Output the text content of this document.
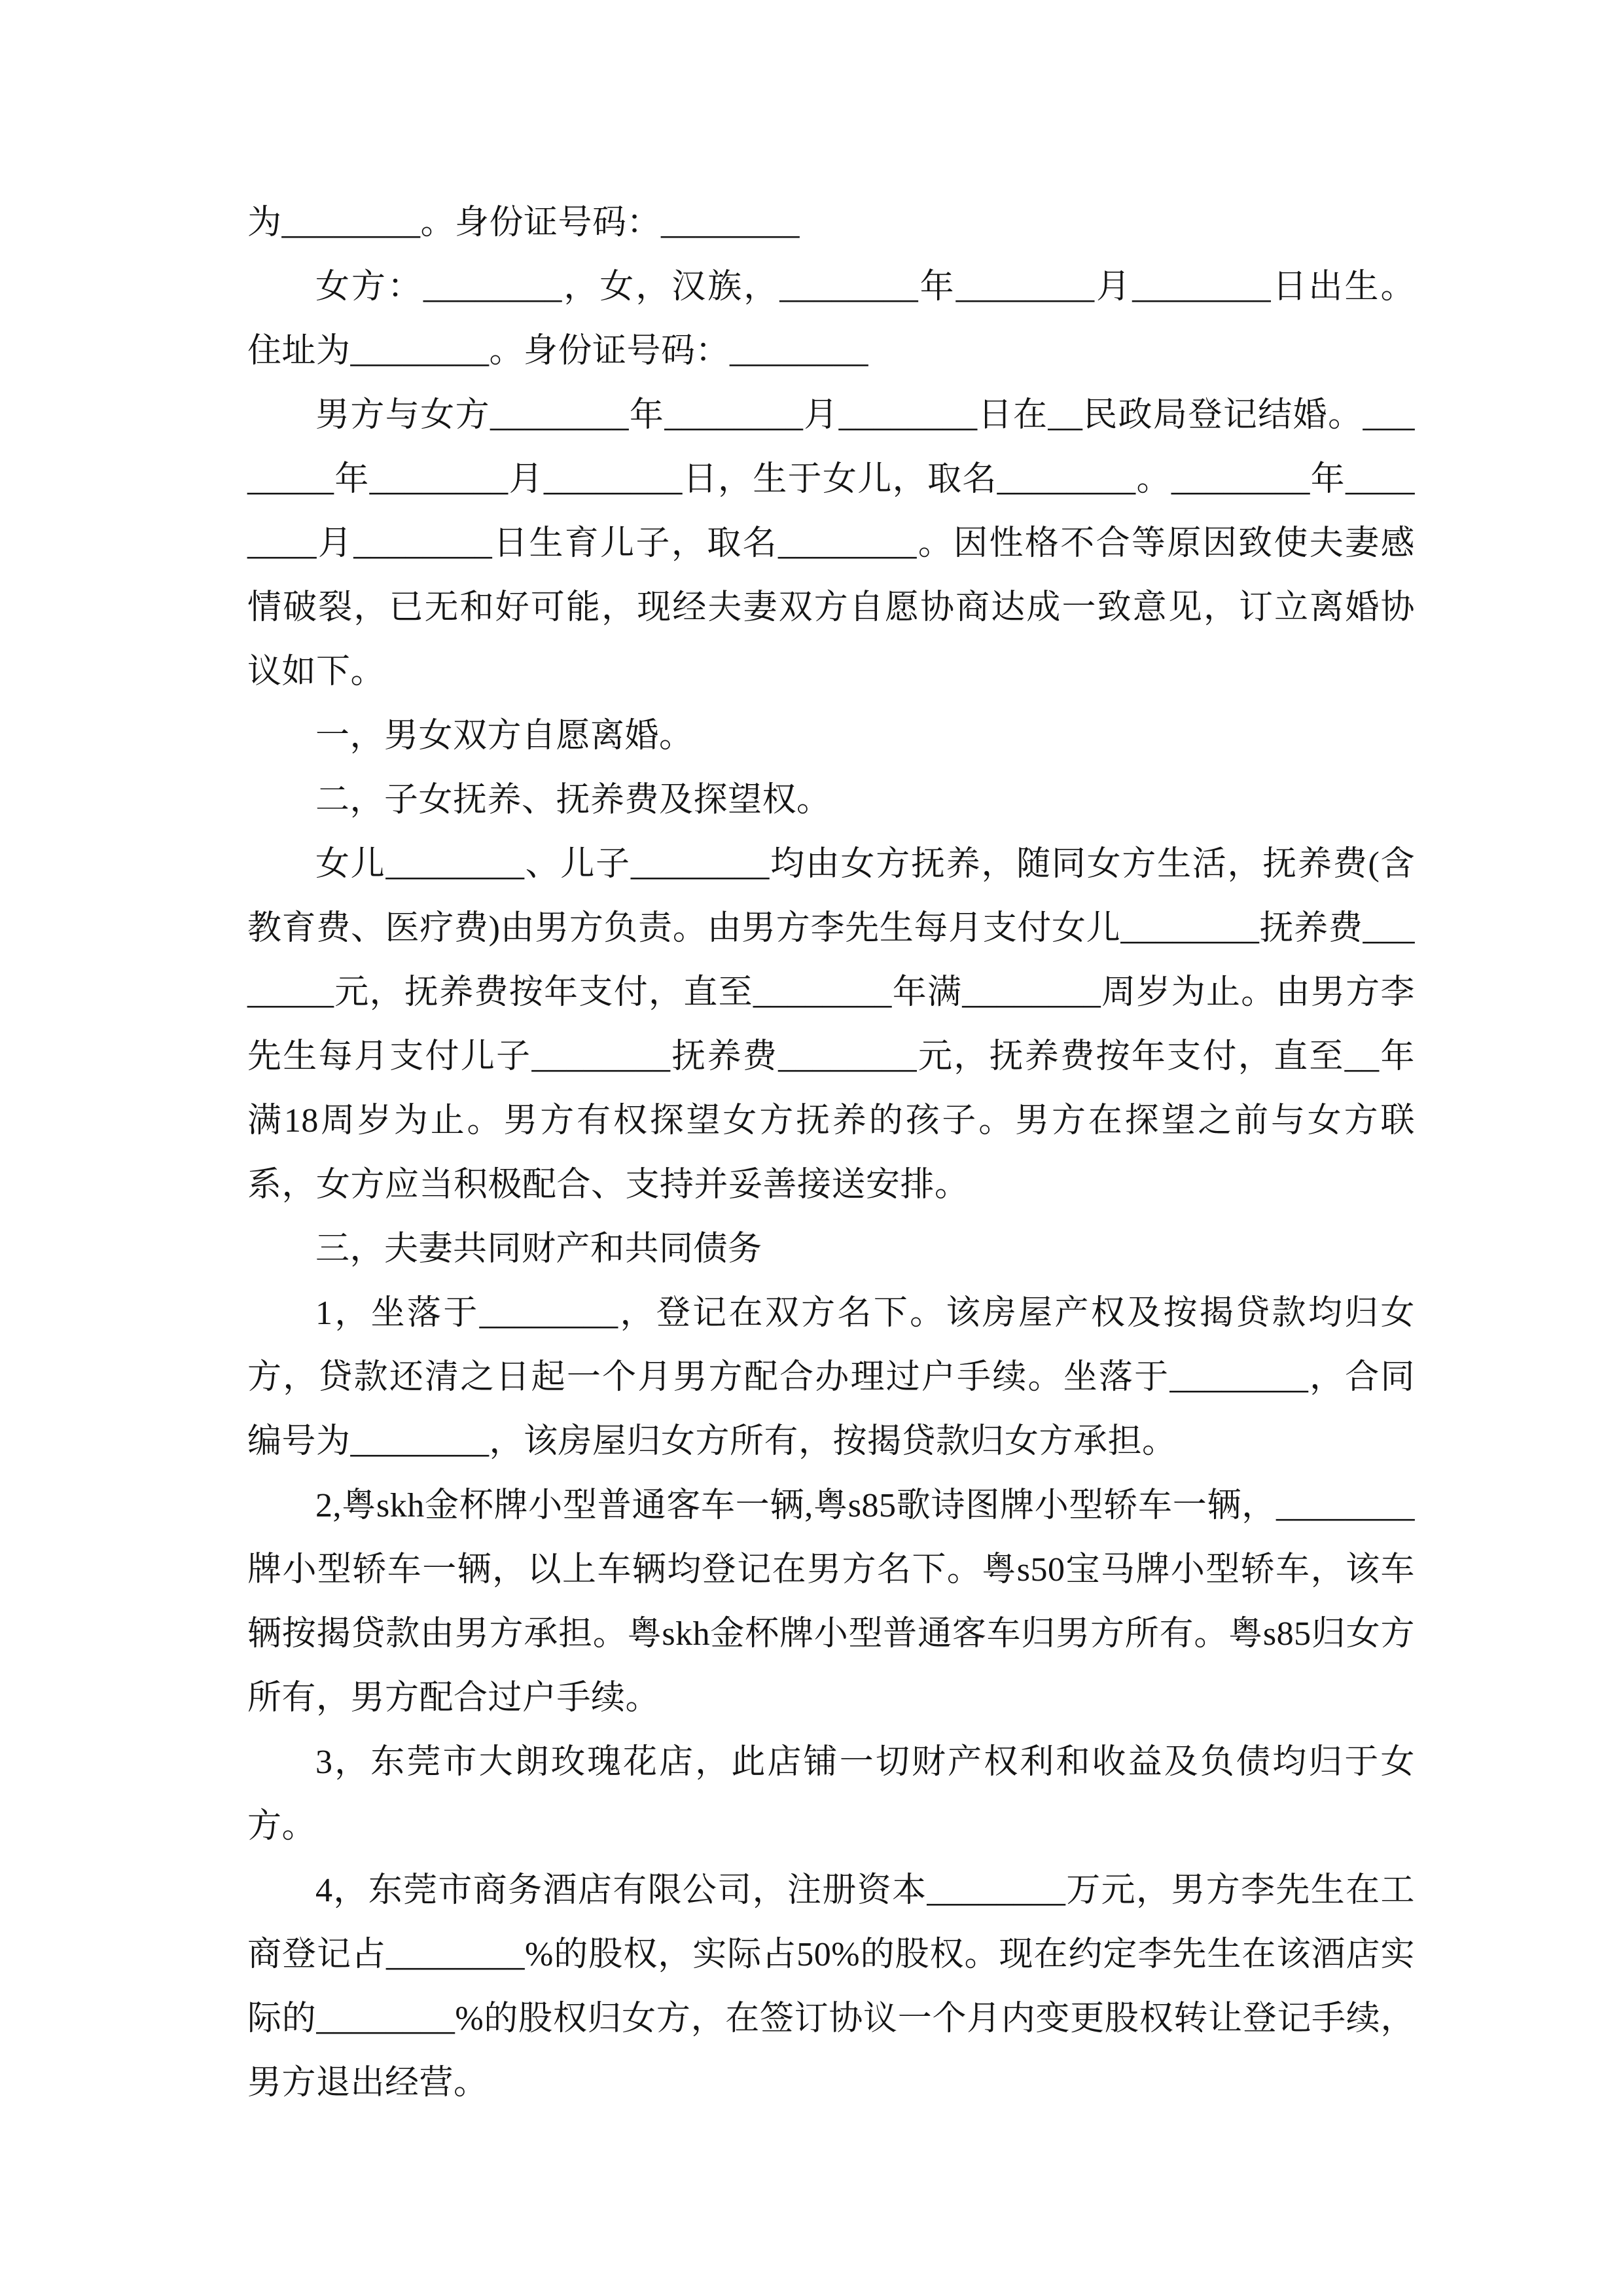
为________。身份证号码：________

女方：________，女，汉族，________年________月________日出生。住址为________。身份证号码：________

男方与女方________年________月________日在__民政局登记结婚。________年________月________日，生于女儿，取名________。________年________月________日生育儿子，取名________。因性格不合等原因致使夫妻感情破裂，已无和好可能，现经夫妻双方自愿协商达成一致意见，订立离婚协议如下。

一，男女双方自愿离婚。

二，子女抚养、抚养费及探望权。

女儿________、儿子________均由女方抚养，随同女方生活，抚养费(含教育费、医疗费)由男方负责。由男方李先生每月支付女儿________抚养费________元，抚养费按年支付，直至________年满________周岁为止。由男方李先生每月支付儿子________抚养费________元，抚养费按年支付，直至__年满18周岁为止。男方有权探望女方抚养的孩子。男方在探望之前与女方联系，女方应当积极配合、支持并妥善接送安排。

三，夫妻共同财产和共同债务

1，坐落于________，登记在双方名下。该房屋产权及按揭贷款均归女方，贷款还清之日起一个月男方配合办理过户手续。坐落于________，合同编号为________，该房屋归女方所有，按揭贷款归女方承担。

2,粤skh金杯牌小型普通客车一辆,粤s85歌诗图牌小型轿车一辆，________牌小型轿车一辆，以上车辆均登记在男方名下。粤s50宝马牌小型轿车，该车辆按揭贷款由男方承担。粤skh金杯牌小型普通客车归男方所有。粤s85归女方所有，男方配合过户手续。

3，东莞市大朗玫瑰花店，此店铺一切财产权利和收益及负债均归于女方。

4，东莞市商务酒店有限公司，注册资本________万元，男方李先生在工商登记占________%的股权，实际占50%的股权。现在约定李先生在该酒店实际的________%的股权归女方，在签订协议一个月内变更股权转让登记手续，男方退出经营。
